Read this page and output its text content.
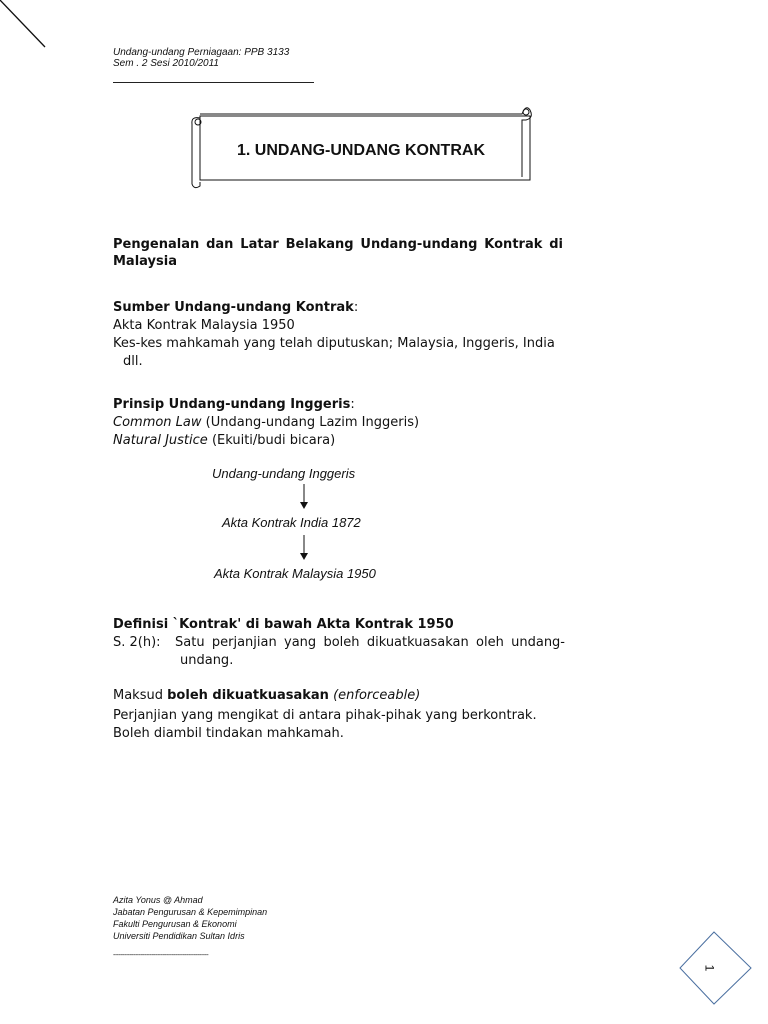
Undang-undang Perniagaan: PPB 3133
Sem . 2 Sesi 2010/2011
1. UNDANG-UNDANG KONTRAK
Pengenalan dan Latar Belakang Undang-undang Kontrak di
Malaysia
Sumber Undang-undang Kontrak:
Akta Kontrak Malaysia 1950
Kes-kes mahkamah yang telah diputuskan; Malaysia, Inggeris, India
dll.
Prinsip Undang-undang Inggeris:
Common Law (Undang-undang Lazim Inggeris)
Natural Justice (Ekuiti/budi bicara)
Undang-undang Inggeris
Akta Kontrak India 1872
Akta Kontrak Malaysia 1950
Definisi `Kontrak' di bawah Akta Kontrak 1950
S. 2(h):	Satu perjanjian yang boleh dikuatkuasakan oleh undang-
undang.
Maksud boleh dikuatkuasakan (enforceable)
Perjanjian yang mengikat di antara pihak-pihak yang berkontrak.
Boleh diambil tindakan mahkamah.
Azita Yonus @ Ahmad
Jabatan Pengurusan & Kepemimpinan
Fakulti Pengurusan & Ekonomi
Universiti Pendidikan Sultan Idris
----------------------------------------------------
1
